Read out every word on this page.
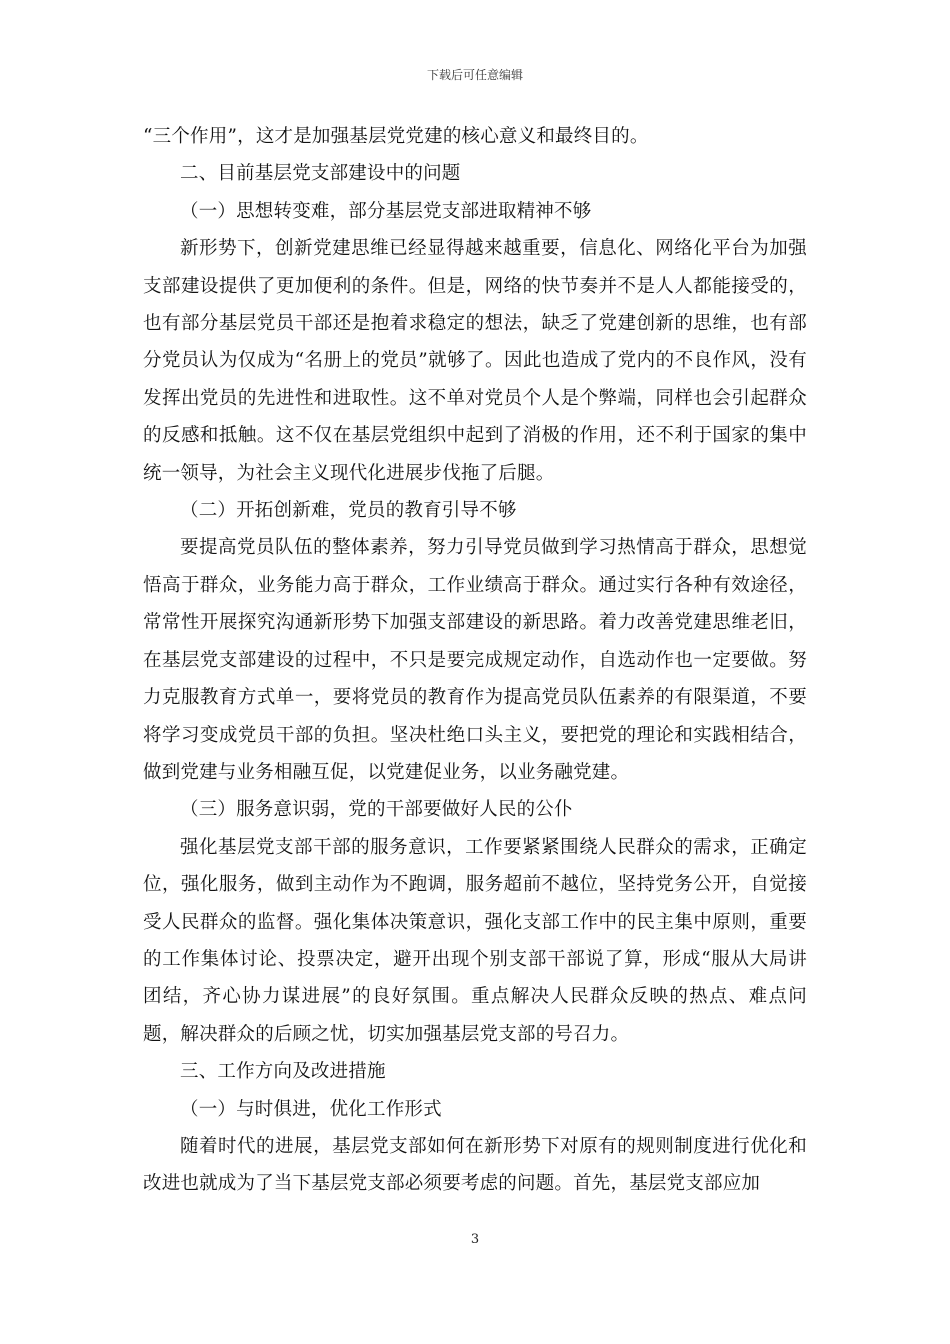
下载后可任意编辑

“三个作用”，这才是加强基层党党建的核心意义和最终目的。

二、目前基层党支部建设中的问题

（一）思想转变难，部分基层党支部进取精神不够

新形势下，创新党建思维已经显得越来越重要，信息化、网络化平台为加强支部建设提供了更加便利的条件。但是，网络的快节奏并不是人人都能接受的，也有部分基层党员干部还是抱着求稳定的想法，缺乏了党建创新的思维，也有部分党员认为仅成为“名册上的党员”就够了。因此也造成了党内的不良作风，没有发挥出党员的先进性和进取性。这不单对党员个人是个弊端，同样也会引起群众的反感和抵触。这不仅在基层党组织中起到了消极的作用，还不利于国家的集中统一领导，为社会主义现代化进展步伐拖了后腿。

（二）开拓创新难，党员的教育引导不够

要提高党员队伍的整体素养，努力引导党员做到学习热情高于群众，思想觉悟高于群众，业务能力高于群众，工作业绩高于群众。通过实行各种有效途径，常常性开展探究沟通新形势下加强支部建设的新思路。着力改善党建思维老旧，在基层党支部建设的过程中，不只是要完成规定动作，自选动作也一定要做。努力克服教育方式单一，要将党员的教育作为提高党员队伍素养的有限渠道，不要将学习变成党员干部的负担。坚决杜绝口头主义，要把党的理论和实践相结合，做到党建与业务相融互促，以党建促业务，以业务融党建。

（三）服务意识弱，党的干部要做好人民的公仆

强化基层党支部干部的服务意识，工作要紧紧围绕人民群众的需求，正确定位，强化服务，做到主动作为不跑调，服务超前不越位，坚持党务公开，自觉接受人民群众的监督。强化集体决策意识，强化支部工作中的民主集中原则，重要的工作集体讨论、投票决定，避开出现个别支部干部说了算，形成“服从大局讲团结，齐心协力谋进展”的良好氛围。重点解决人民群众反映的热点、难点问题，解决群众的后顾之忧，切实加强基层党支部的号召力。

三、工作方向及改进措施

（一）与时俱进，优化工作形式

随着时代的进展，基层党支部如何在新形势下对原有的规则制度进行优化和改进也就成为了当下基层党支部必须要考虑的问题。首先，基层党支部应加

3
